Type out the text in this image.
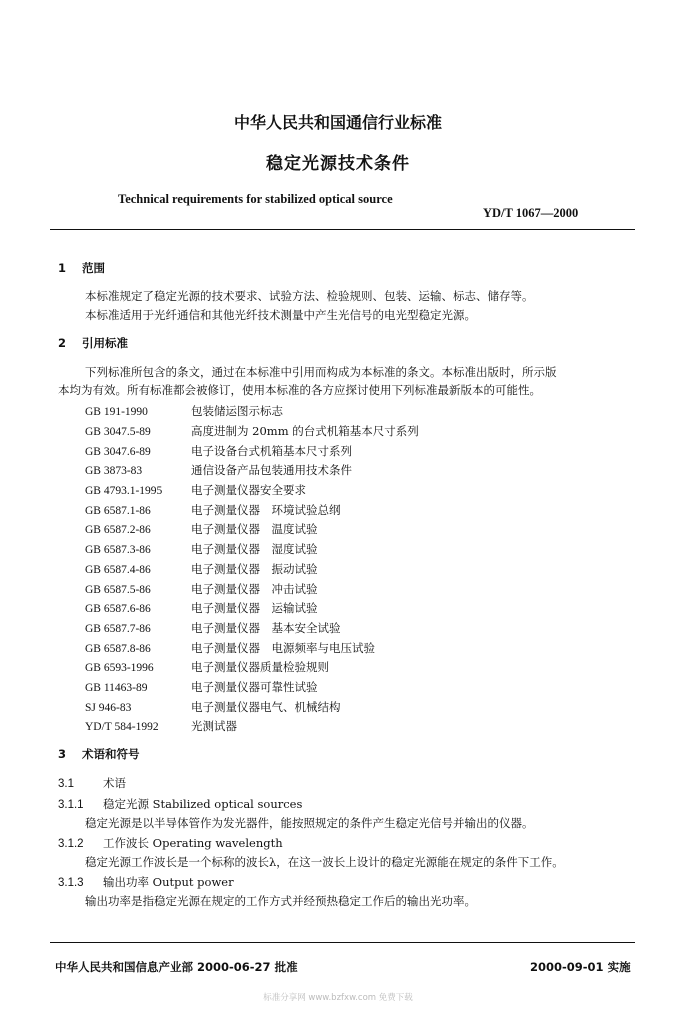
中华人民共和国通信行业标准
稳定光源技术条件
Technical requirements for stabilized optical source
YD/T 1067—2000
1 范围
本标准规定了稳定光源的技术要求、试验方法、检验规则、包装、运输、标志、储存等。
本标准适用于光纤通信和其他光纤技术测量中产生光信号的电光型稳定光源。
2 引用标准
下列标准所包含的条文，通过在本标准中引用而构成为本标准的条文。本标准出版时，所示版
本均为有效。所有标准都会被修订，使用本标准的各方应探讨使用下列标准最新版本的可能性。
GB 191-1990	包装储运图示标志
GB 3047.5-89	高度进制为 20mm 的台式机箱基本尺寸系列
GB 3047.6-89	电子设备台式机箱基本尺寸系列
GB 3873-83	通信设备产品包装通用技术条件
GB 4793.1-1995 电子测量仪器安全要求
GB 6587.1-86	电子测量仪器　环境试验总纲
GB 6587.2-86	电子测量仪器　温度试验
GB 6587.3-86	电子测量仪器　湿度试验
GB 6587.4-86	电子测量仪器　振动试验
GB 6587.5-86	电子测量仪器　冲击试验
GB 6587.6-86	电子测量仪器　运输试验
GB 6587.7-86	电子测量仪器　基本安全试验
GB 6587.8-86	电子测量仪器　电源频率与电压试验
GB 6593-1996	电子测量仪器质量检验规则
GB 11463-89	电子测量仪器可靠性试验
SJ 946-83	电子测量仪器电气、机械结构
YD/T 584-1992	光测试器
3 术语和符号
3.1	术语
3.1.1 稳定光源 Stabilized optical sources
稳定光源是以半导体管作为发光器件，能按照规定的条件产生稳定光信号并输出的仪器。
3.1.2 工作波长 Operating wavelength
稳定光源工作波长是一个标称的波长λ，在这一波长上设计的稳定光源能在规定的条件下工作。
3.1.3 输出功率 Output power
输出功率是指稳定光源在规定的工作方式并经预热稳定工作后的输出光功率。
中华人民共和国信息产业部 2000-06-27 批准	2000-09-01 实施
标准分享网 www.bzfxw.com 免费下载
